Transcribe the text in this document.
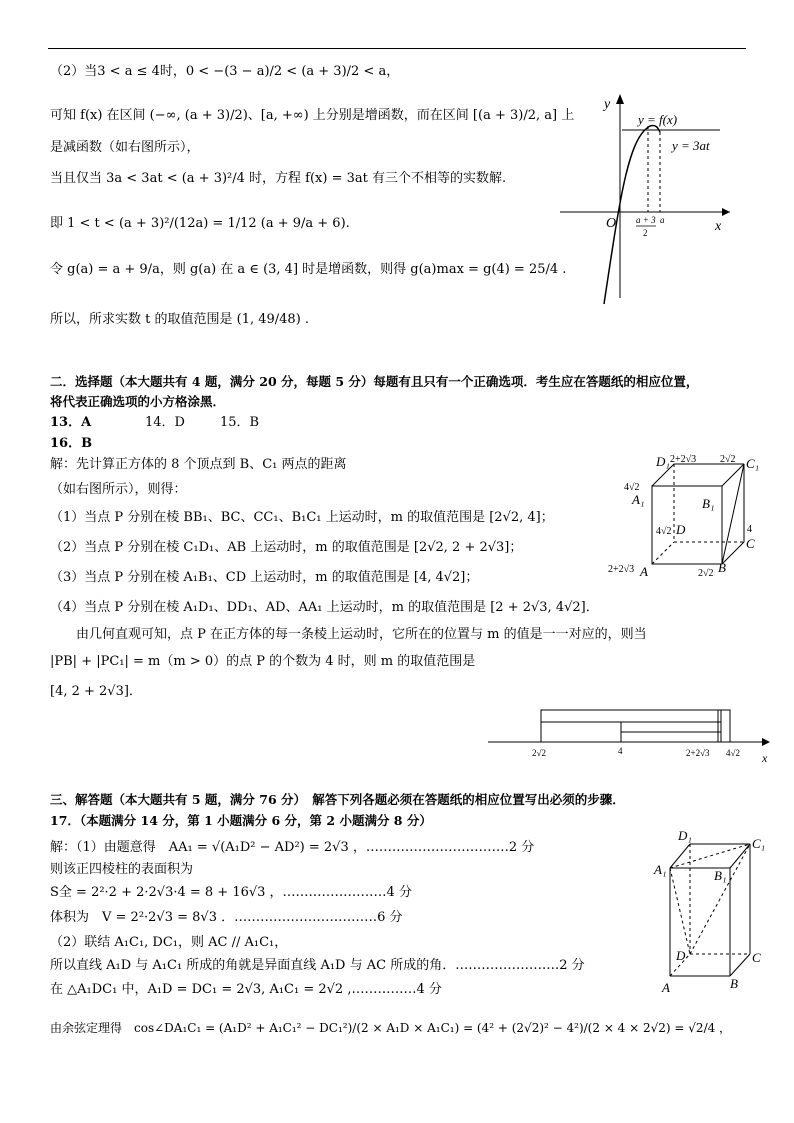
（2）当3 < a ≤ 4时，0 < −(3 − a)/2 < (a + 3)/2 < a，
可知 f(x) 在区间 (−∞, (a + 3)/2)、[a, +∞) 上分别是增函数，而在区间 [(a + 3)/2, a] 上
是减函数（如右图所示），
当且仅当 3a < 3at < (a + 3)²/4 时，方程 f(x) = 3at 有三个不相等的实数解.
即 1 < t < (a + 3)²/(12a) = 1/12 (a + 9/a + 6).
令 g(a) = a + 9/a，则 g(a) 在 a ∈ (3, 4] 时是增函数，则得 g(a)max = g(4) = 25/4 .
所以，所求实数 t 的取值范围是 (1, 49/48) .
y
x
O
y = f(x)
y = 3at
a + 3
2
a
二．选择题（本大题共有 4 题，满分 20 分，每题 5 分）每题有且只有一个正确选项．考生应在答题纸的相应位置，
将代表正确选项的小方格涂黑．
13．A	14．D	15．B
16．B
解：先计算正方体的 8 个顶点到 B、C₁ 两点的距离
（如右图所示），则得：
（1）当点 P 分别在棱 BB₁、BC、CC₁、B₁C₁ 上运动时，m 的取值范围是 [2√2, 4]；
（2）当点 P 分别在棱 C₁D₁、AB 上运动时，m 的取值范围是 [2√2, 2 + 2√3]；
（3）当点 P 分别在棱 A₁B₁、CD 上运动时，m 的取值范围是 [4, 4√2]；
（4）当点 P 分别在棱 A₁D₁、DD₁、AD、AA₁ 上运动时，m 的取值范围是 [2 + 2√3, 4√2]．
由几何直观可知，点 P 在正方体的每一条棱上运动时，它所在的位置与 m 的值是一一对应的，则当
|PB| + |PC₁| = m（m > 0）的点 P 的个数为 4 时，则 m 的取值范围是
[4, 2 + 2√3]．
D₁ 2+2√3 2√2 C₁
4√2
A₁	B₁
4√2 D	4
C
2+2√3 A	2√2 B
2√2	4	2+2√3 4√2 x
三、解答题（本大题共有 5 题，满分 76 分）　解答下列各题必须在答题纸的相应位置写出必须的步骤．
17．（本题满分 14 分，第 1 小题满分 6 分，第 2 小题满分 8 分）
解：（1）由题意得　AA₁ = √(A₁D² − AD²) = 2√3 ，……………………………2 分
则该正四棱柱的表面积为
S全 = 2²·2 + 2·2√3·4 = 8 + 16√3 ，……………………4 分
体积为　V = 2²·2√3 = 8√3 ．……………………………6 分
（2）联结 A₁C₁, DC₁，则 AC // A₁C₁，
所以直线 A₁D 与 A₁C₁ 所成的角就是异面直线 A₁D 与 AC 所成的角．……………………2 分
在 △A₁DC₁ 中，A₁D = DC₁ = 2√3, A₁C₁ = 2√2 ,……………4 分
由余弦定理得　cos∠DA₁C₁ = (A₁D² + A₁C₁² − DC₁²)/(2 × A₁D × A₁C₁) = (4² + (2√2)² − 4²)/(2 × 4 × 2√2) = √2/4 ，
D₁
C₁
A₁	B₁
D	C
A	B
